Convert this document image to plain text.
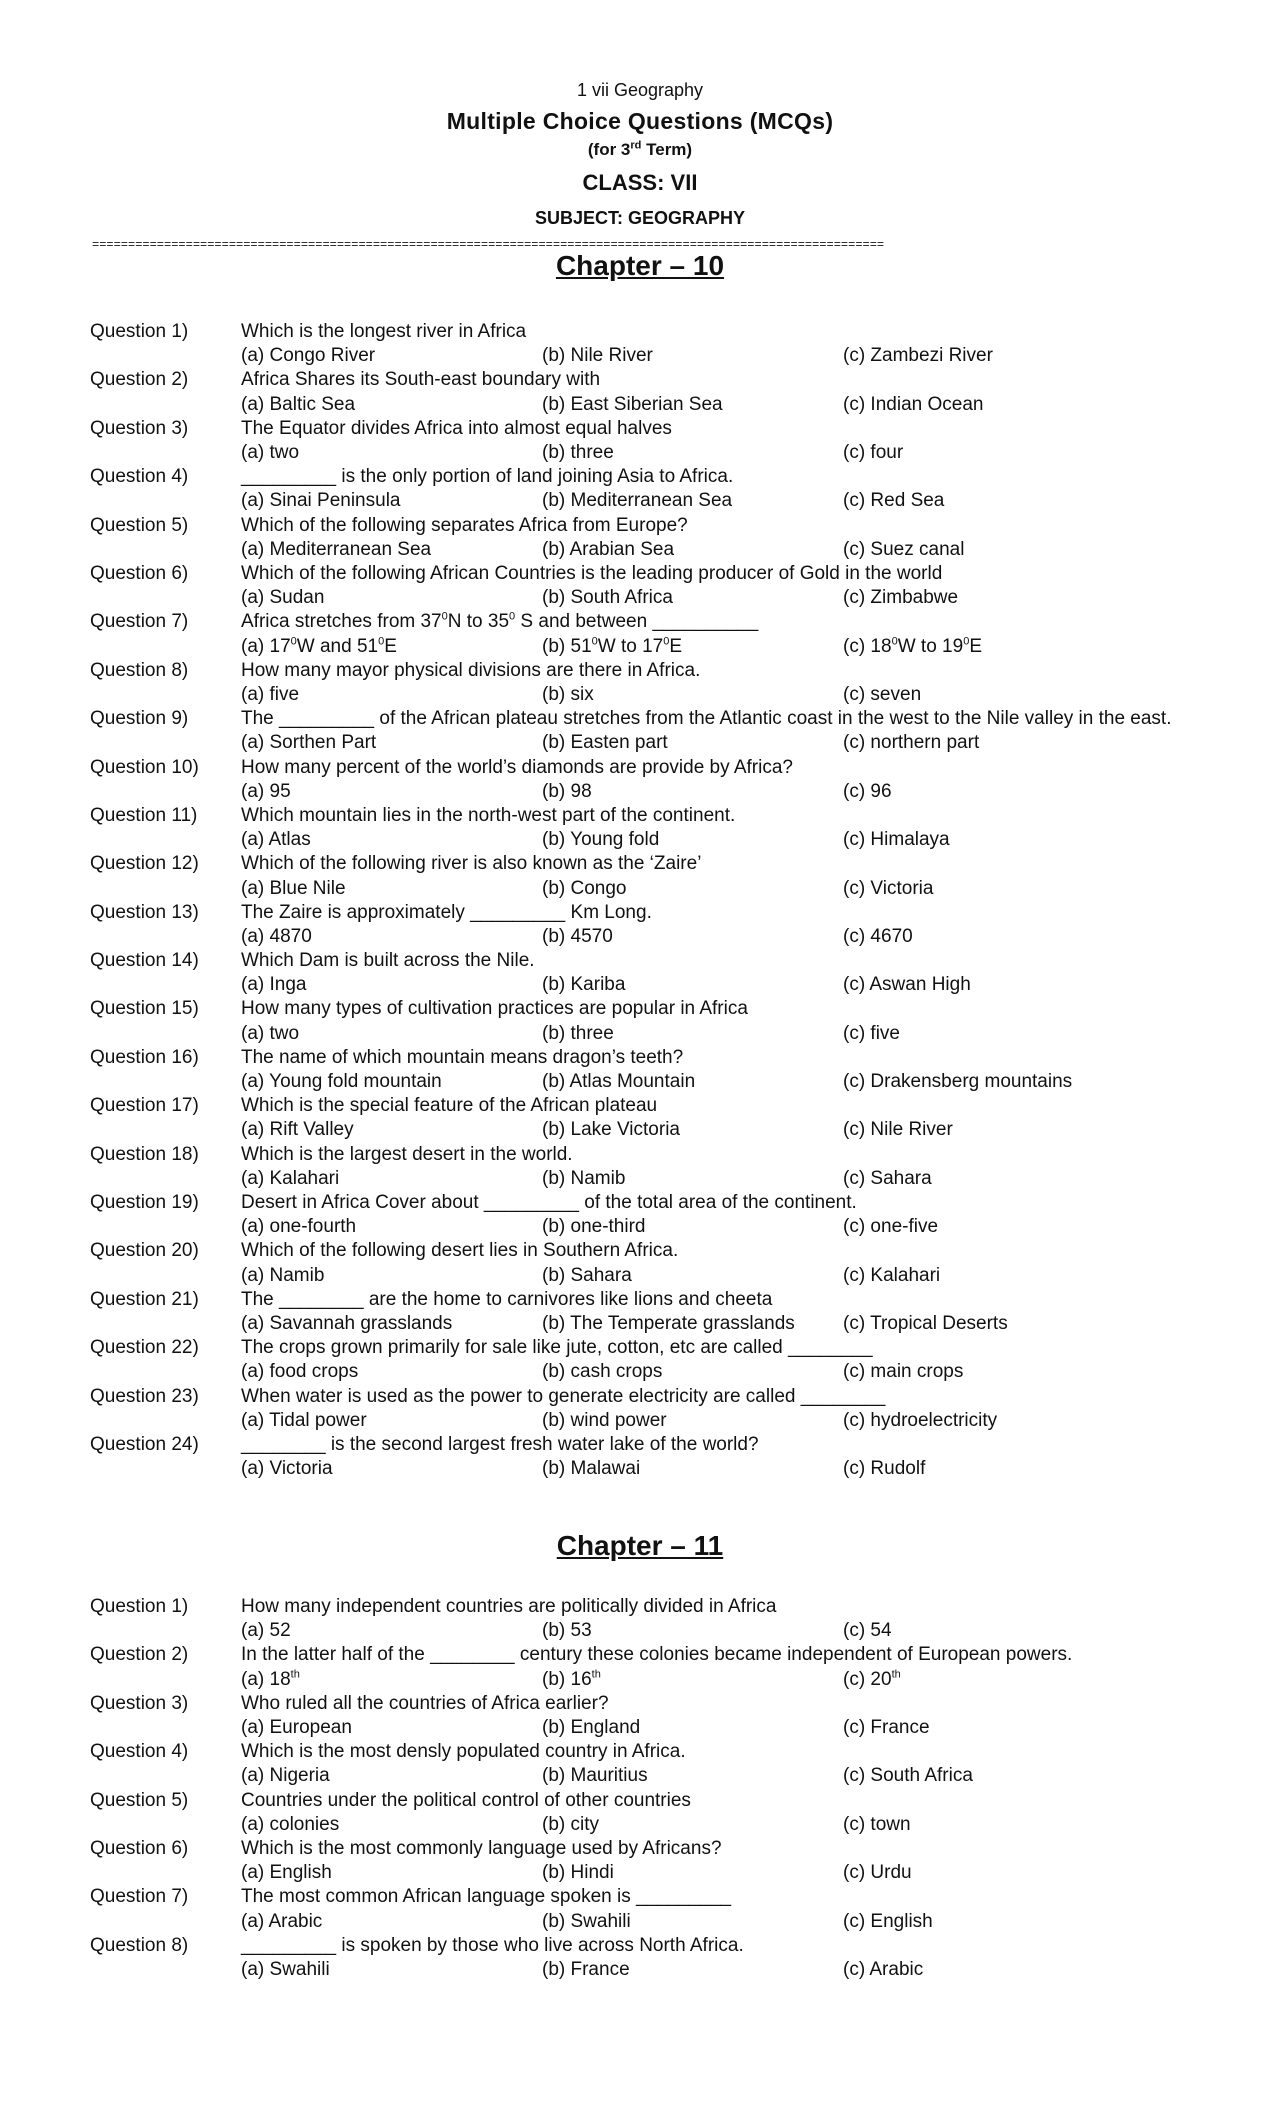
1 vii Geography
Multiple Choice Questions (MCQs)
(for 3rd Term)
CLASS: VII
SUBJECT: GEOGRAPHY
==============================================================================================================
Chapter – 10
Question 1)	Which is the longest river in Africa
(a) Congo River	(b) Nile River	(c) Zambezi River
Question 2)	Africa Shares its South-east boundary with
(a) Baltic Sea	(b) East Siberian Sea	(c) Indian Ocean
Question 3)	The Equator divides Africa into almost equal halves
(a) two	(b) three	(c) four
Question 4)	_________ is the only portion of land joining Asia to Africa.
(a) Sinai Peninsula	(b) Mediterranean Sea	(c) Red Sea
Question 5)	Which of the following separates Africa from Europe?
(a) Mediterranean Sea	(b) Arabian Sea	(c) Suez canal
Question 6)	Which of the following African Countries is the leading producer of Gold in the world
(a) Sudan	(b) South Africa	(c) Zimbabwe
Question 7)	Africa stretches from $37^0N$ to $35^0$ S and between __________
(a) $17^0W$ and $51^0E$	(b) $51^0W$ to $17^0E$	(c) $18^0W$ to $19^0E$
Question 8)	How many mayor physical divisions are there in Africa.
(a) five	(b) six	(c) seven
Question 9)	The _________ of the African plateau stretches from the Atlantic coast in the west to the Nile valley in the east.
(a) Sorthen Part	(b) Easten part	(c) northern part
Question 10) How many percent of the world’s diamonds are provide by Africa?
(a) 95	(b) 98	(c) 96
Question 11) Which mountain lies in the north-west part of the continent.
(a) Atlas	(b) Young fold	(c) Himalaya
Question 12) Which of the following river is also known as the ‘Zaire’
(a) Blue Nile	(b) Congo	(c) Victoria
Question 13) The Zaire is approximately _________ Km Long.
(a) 4870	(b) 4570	(c) 4670
Question 14) Which Dam is built across the Nile.
(a) Inga	(b) Kariba	(c) Aswan High
Question 15) How many types of cultivation practices are popular in Africa
(a) two	(b) three	(c) five
Question 16) The name of which mountain means dragon’s teeth?
(a) Young fold mountain	(b) Atlas Mountain	(c) Drakensberg mountains
Question 17) Which is the special feature of the African plateau
(a) Rift Valley	(b) Lake Victoria	(c) Nile River
Question 18) Which is the largest desert in the world.
(a) Kalahari	(b) Namib	(c) Sahara
Question 19) Desert in Africa Cover about _________ of the total area of the continent.
(a) one-fourth	(b) one-third	(c) one-five
Question 20) Which of the following desert lies in Southern Africa.
(a) Namib	(b) Sahara	(c) Kalahari
Question 21) The ________ are the home to carnivores like lions and cheeta
(a) Savannah grasslands	(b) The Temperate grasslands	(c) Tropical Deserts
Question 22) The crops grown primarily for sale like jute, cotton, etc are called ________
(a) food crops	(b) cash crops	(c) main crops
Question 23) When water is used as the power to generate electricity are called ________
(a) Tidal power	(b) wind power	(c) hydroelectricity
Question 24) ________ is the second largest fresh water lake of the world?
(a) Victoria	(b) Malawai	(c) Rudolf
Chapter – 11
Question 1)	How many independent countries are politically divided in Africa
(a) 52	(b) 53	(c) 54
Question 2)	In the latter half of the ________ century these colonies became independent of European powers.
(a) 18th	(b) 16th	(c) 20th
Question 3)	Who ruled all the countries of Africa earlier?
(a) European	(b) England	(c) France
Question 4)	Which is the most densly populated country in Africa.
(a) Nigeria	(b) Mauritius	(c) South Africa
Question 5)	Countries under the political control of other countries
(a) colonies	(b) city	(c) town
Question 6)	Which is the most commonly language used by Africans?
(a) English	(b) Hindi	(c) Urdu
Question 7)	The most common African language spoken is _________
(a) Arabic	(b) Swahili	(c) English
Question 8)	_________ is spoken by those who live across North Africa.
(a) Swahili	(b) France	(c) Arabic
